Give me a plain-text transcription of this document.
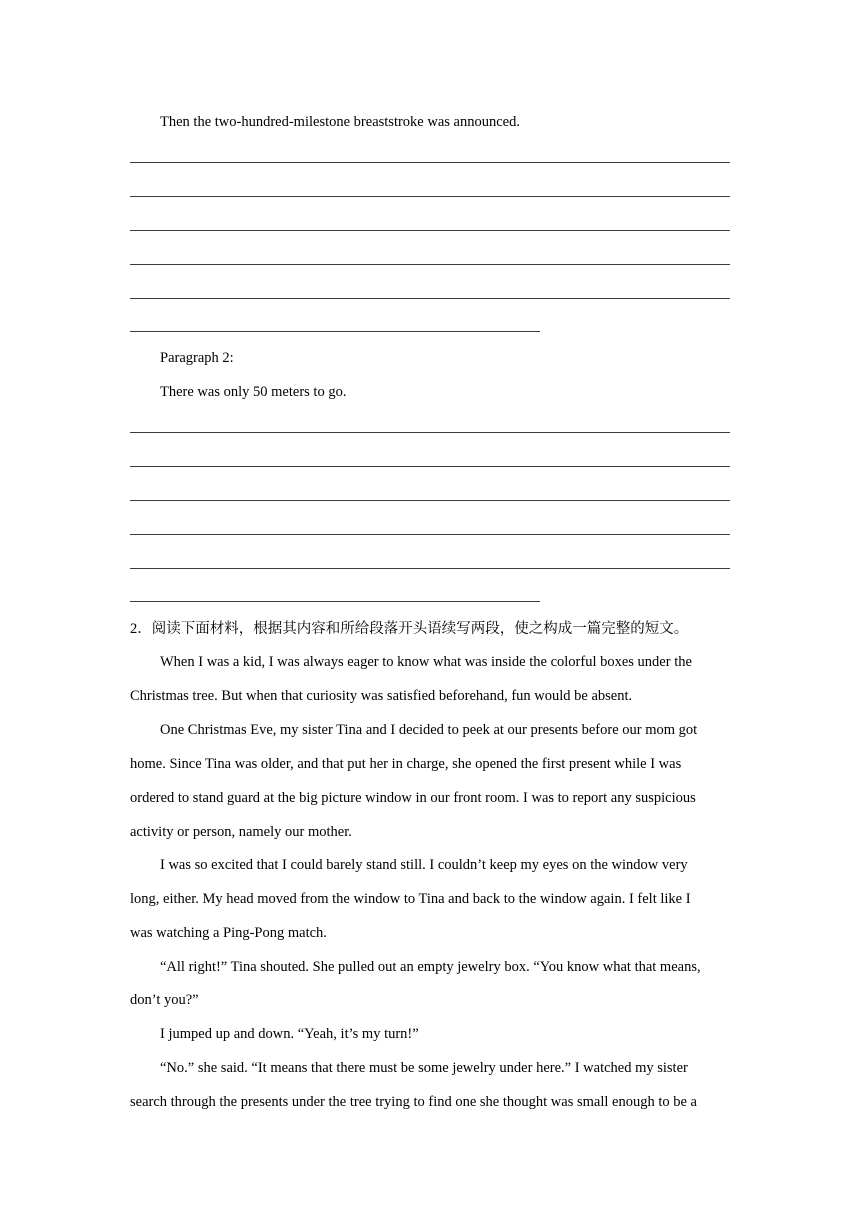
Then the two-hundred-milestone breaststroke was announced.

Paragraph 2:

There was only 50 meters to go.

2．阅读下面材料，根据其内容和所给段落开头语续写两段，使之构成一篇完整的短文。

When I was a kid, I was always eager to know what was inside the colorful boxes under the

Christmas tree. But when that curiosity was satisfied beforehand, fun would be absent.

One Christmas Eve, my sister Tina and I decided to peek at our presents before our mom got

home. Since Tina was older, and that put her in charge, she opened the first present while I was

ordered to stand guard at the big picture window in our front room. I was to report any suspicious

activity or person, namely our mother.

I was so excited that I could barely stand still. I couldn’t keep my eyes on the window very

long, either. My head moved from the window to Tina and back to the window again. I felt like I

was watching a Ping-Pong match.

“All right!” Tina shouted. She pulled out an empty jewelry box. “You know what that means,

don’t you?”

I jumped up and down. “Yeah, it’s my turn!”

“No.” she said. “It means that there must be some jewelry under here.” I watched my sister

search through the presents under the tree trying to find one she thought was small enough to be a
